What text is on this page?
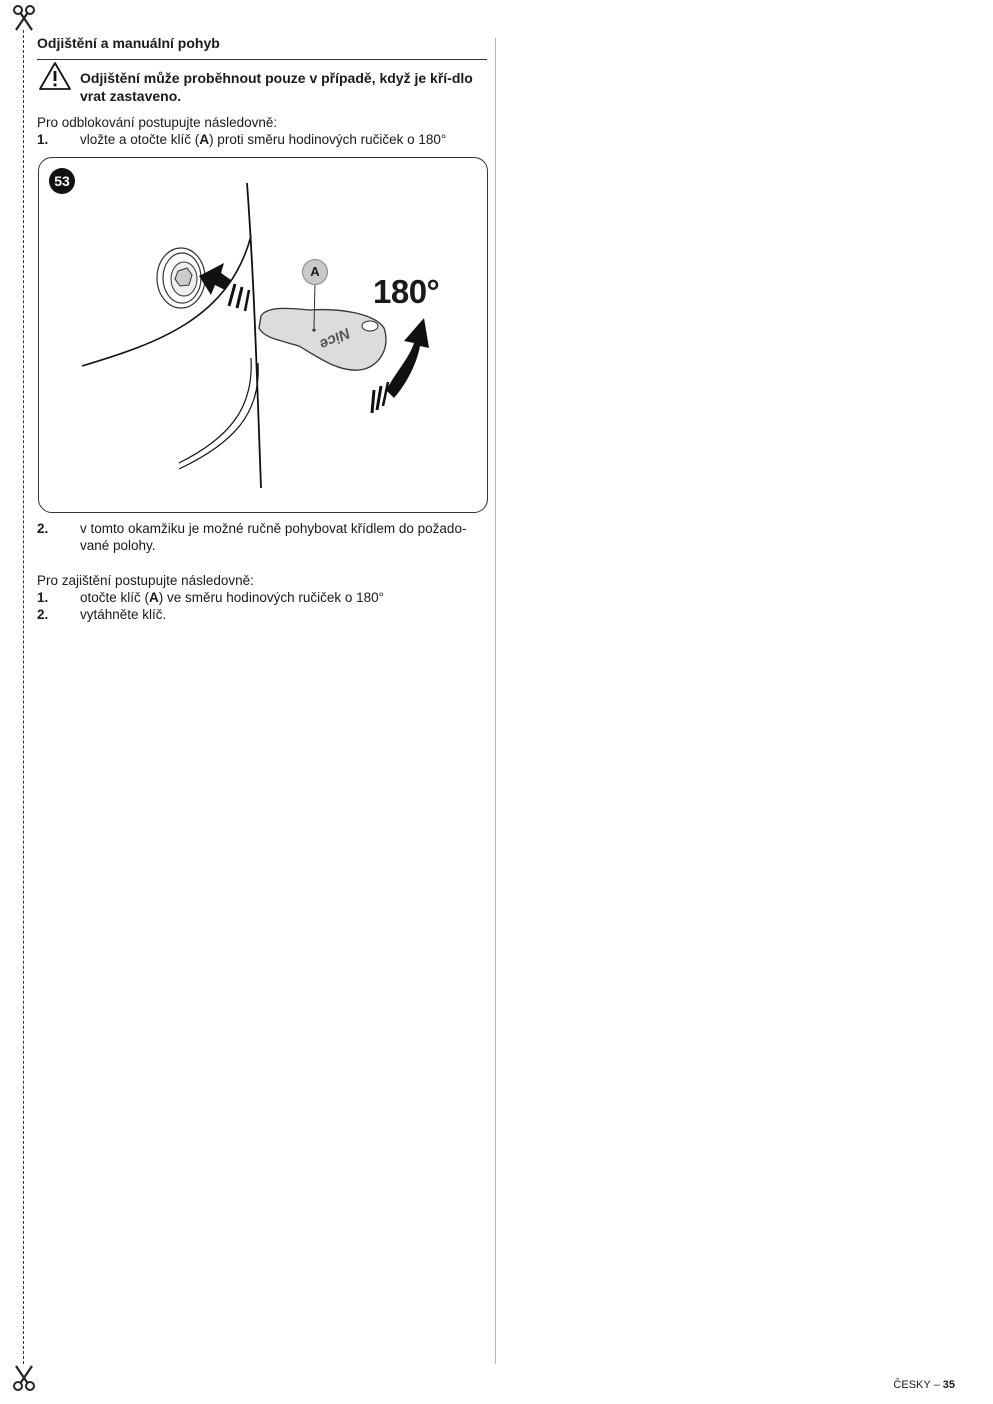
Odjištění a manuální pohyb
Odjištění může proběhnout pouze v případě, když je kří-dlo vrat zastaveno.
Pro odblokování postupujte následovně:
1. vložte a otočte klíč (A) proti směru hodinových ručiček o 180°
53
A
180°
Nice
2. v tomto okamžiku je možné ručně pohybovat křídlem do požado-vané polohy.
Pro zajištění postupujte následovně:
1. otočte klíč (A) ve směru hodinových ručiček o 180°
2. vytáhněte klíč.
ČESKY – 35
